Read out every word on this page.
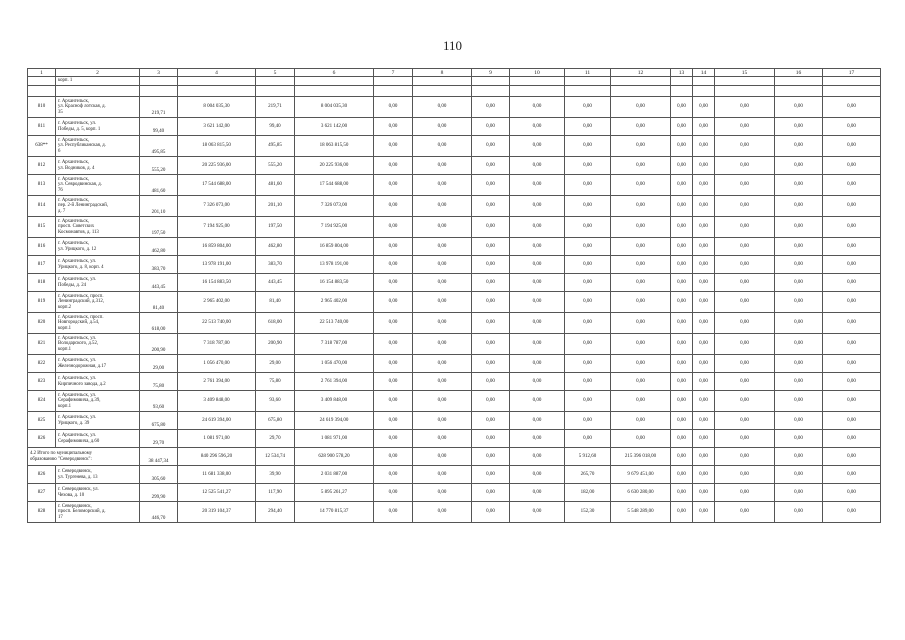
110
1	2	3	4	5	6	7	8	9	10	11	12	13	14	15	16	17
	корп. 1															

810	г. Архангельск,
ул. Красноф лотская, д.
35	219,71	8 004 035,30	219,71	8 004 035,30	0,00	0,00	0,00	0,00	0,00	0,00	0,00	0,00	0,00	0,00	0,00
811	г. Архангельск, ул.
Победы, д. 5, корп. 1	99,40	3 621 142,00	99,40	3 621 142,00	0,00	0,00	0,00	0,00	0,00	0,00	0,00	0,00	0,00	0,00	0,00
638**	г. Архангельск,
ул. Республиканская, д.
6	495,85	18 063 815,50	495,85	18 063 815,50	0,00	0,00	0,00	0,00	0,00	0,00	0,00	0,00	0,00	0,00	0,00
812	г. Архангельск,
ул. Водников, д. 4	555,20	20 225 936,00	555,20	20 225 936,00	0,00	0,00	0,00	0,00	0,00	0,00	0,00	0,00	0,00	0,00	0,00
813	г. Архангельск,
ул. Севродвинская, д.
76	481,60	17 544 688,00	481,60	17 544 688,00	0,00	0,00	0,00	0,00	0,00	0,00	0,00	0,00	0,00	0,00	0,00
814	г. Архангельск,
пер. 2-й Ленинградский,
д. 7	201,10	7 326 073,00	201,10	7 326 073,00	0,00	0,00	0,00	0,00	0,00	0,00	0,00	0,00	0,00	0,00	0,00
815	г. Архангельск,
просп. Советских
Космонавтов, д. 113	197,50	7 194 925,00	197,50	7 194 925,00	0,00	0,00	0,00	0,00	0,00	0,00	0,00	0,00	0,00	0,00	0,00
816	г. Архангельск,
ул. Урицкого, д. 12	462,80	16 859 804,00	462,80	16 859 804,00	0,00	0,00	0,00	0,00	0,00	0,00	0,00	0,00	0,00	0,00	0,00
817	г. Архангельск, ул.
Урицкого, д. 8, корп. 4	383,70	13 978 191,00	383,70	13 978 191,00	0,00	0,00	0,00	0,00	0,00	0,00	0,00	0,00	0,00	0,00	0,00
818	г. Архангельск, ул.
Победы, д. 24	443,45	16 154 883,50	443,45	16 154 883,50	0,00	0,00	0,00	0,00	0,00	0,00	0,00	0,00	0,00	0,00	0,00
819	г. Архангельск, просп.
Ленинградский, д.312,
корп.2	81,40	2 965 402,00	81,40	2 965 402,00	0,00	0,00	0,00	0,00	0,00	0,00	0,00	0,00	0,00	0,00	0,00
820	г. Архангельск, просп.
Новгородский, д.54,
корп.1	618,00	22 513 740,00	618,00	22 513 740,00	0,00	0,00	0,00	0,00	0,00	0,00	0,00	0,00	0,00	0,00	0,00
821	г. Архангельск, ул.
Володарского, д.52,
корп.1	200,90	7 318 787,00	200,90	7 318 787,00	0,00	0,00	0,00	0,00	0,00	0,00	0,00	0,00	0,00	0,00	0,00
822	г. Архангельск, ул.
Железнодорожная, д.17	29,00	1 056 470,00	29,00	1 056 470,00	0,00	0,00	0,00	0,00	0,00	0,00	0,00	0,00	0,00	0,00	0,00
823	г. Архангельск, ул.
Кирпичного завода, д.2	75,80	2 761 394,00	75,80	2 761 394,00	0,00	0,00	0,00	0,00	0,00	0,00	0,00	0,00	0,00	0,00	0,00
824	г. Архангельск, ул.
Серафимовича, д.39,
корп.1	93,60	3 409 848,00	93,60	3 409 848,00	0,00	0,00	0,00	0,00	0,00	0,00	0,00	0,00	0,00	0,00	0,00
825	г. Архангельск, ул.
Урицкого, д. 39	675,80	24 619 394,00	675,80	24 619 394,00	0,00	0,00	0,00	0,00	0,00	0,00	0,00	0,00	0,00	0,00	0,00
826	г. Архангельск, ул.
Серафимовича, д.60	29,70	1 081 971,00	29,70	1 081 971,00	0,00	0,00	0,00	0,00	0,00	0,00	0,00	0,00	0,00	0,00	0,00
4.2 Итого по муниципальному
образованию "Северодвинск":		38 447,34	840 296 596,20	12 534,74	628 900 578,20	0,00	0,00	0,00	0,00	5 912,60	215 396 018,00	0,00	0,00	0,00	0,00	0,00
826	г. Северодвинск,
ул. Тургенева, д. 13	305,60	11 681 338,00	39,90	2 031 887,00	0,00	0,00	0,00	0,00	265,70	9 679 451,00	0,00	0,00	0,00	0,00	0,00
827	г. Северодвинск, ул.
Чехова, д. 10	299,90	12 525 541,27	117,90	5 895 261,27	0,00	0,00	0,00	0,00	182,00	6 630 280,00	0,00	0,00	0,00	0,00	0,00
828	г. Северодвинск,
просп. Беломорский, д.
17	446,70	20 319 104,37	294,40	14 770 815,37	0,00	0,00	0,00	0,00	152,30	5 548 289,00	0,00	0,00	0,00	0,00	0,00
